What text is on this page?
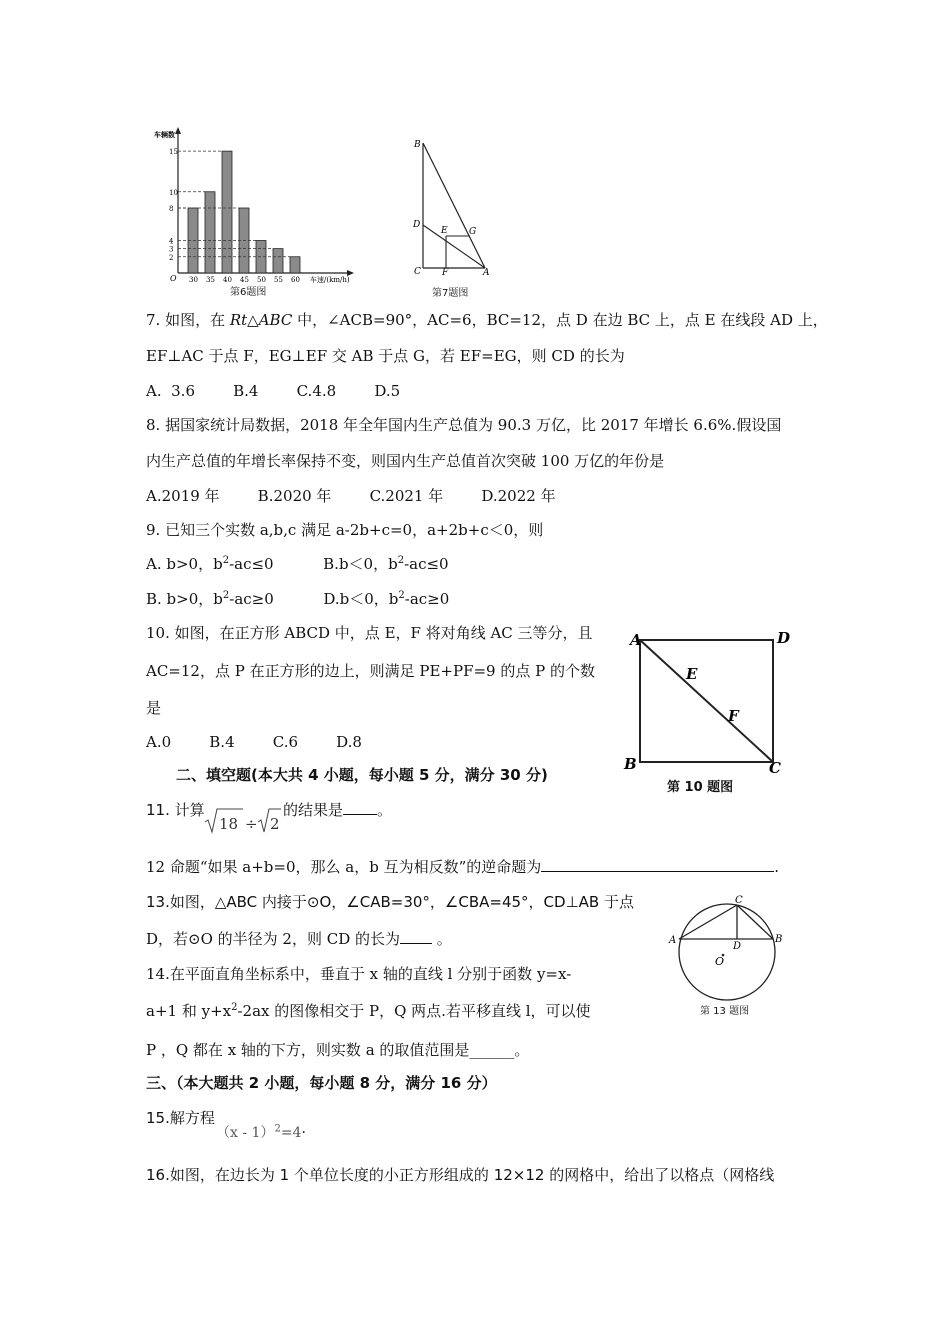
车辆数
车速/(km/h)
O 30 35 40 45 50 55 60
15
10
8
4
3
2
第6题图
B
D
E G
C F	A
第7题图
7. 如图，在 Rt△ABC 中，∠ACB=90°，AC=6，BC=12，点 D 在边 BC 上，点 E 在线段 AD 上，
EF⊥AC 于点 F，EG⊥EF 交 AB 于点 G，若 EF=EG，则 CD 的长为
A.  3.6        B.4        C.4.8        D.5
8. 据国家统计局数据，2018 年全年国内生产总值为 90.3 万亿，比 2017 年增长 6.6%.假设国
内生产总值的年增长率保持不变，则国内生产总值首次突破 100 万亿的年份是
A.2019 年        B.2020 年        C.2021 年        D.2022 年
9. 已知三个实数 a,b,c 满足 a-2b+c=0，a+2b+c＜0，则
A. b>0，$b^2-ac\le 0$	B.b＜0，$b^2-ac\le 0$
B. b>0，$b^2-ac\ge 0$	D.b＜0，$b^2-ac\ge 0$
10. 如图，在正方形 ABCD 中，点 E，F 将对角线 AC 三等分，且
AC=12，点 P 在正方形的边上，则满足 PE+PF=9 的点 P 的个数
是
A.0        B.4        C.6        D.8
A	D
E
F
B	C
第 10 题图
二、填空题(本大共 4 小题，每小题 5 分，满分 30 分)
11. 计算
18 ÷ 2
的结果是 。
12 命题“如果 a+b=0，那么 a，b 互为相反数”的逆命题为	.
13.如图，△ABC 内接于⊙O，∠CAB=30°，∠CBA=45°，CD⊥AB 于点
D，若⊙O 的半径为 2，则 CD 的长为 。	A	B
C
D
O
第 13 题图
14.在平面直角坐标系中，垂直于 x 轴的直线 l 分别于函数 y=x-
a+1 和 $y+x^2-2ax$ 的图像相交于 P，Q 两点.若平移直线 l，可以使
P ，Q 都在 x 轴的下方，则实数 a 的取值范围是______。
三、（本大题共 2 小题，每小题 8 分，满分 16 分）
15.解方程
（x - 1）$^2$=4.
16.如图，在边长为 1 个单位长度的小正方形组成的 12×12 的网格中，给出了以格点（网格线
